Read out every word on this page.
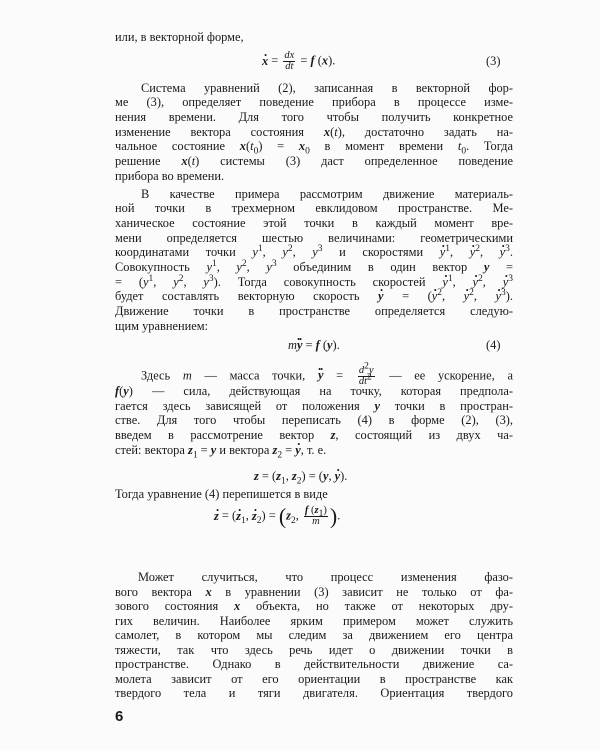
или, в векторной форме,
. $x = \frac{dx}{dt} = f$ (x).	(3)
Система уравнений (2), записанная в векторной фор-
ме (3), определяет поведение прибора в процессе изме-
нения времени. Для того чтобы получить конкретное
изменение вектора состояния x(t), достаточно задать на-
чальное состояние $x(t_0) = x_0$ в момент времени $t_0$. Тогда
решение x(t) системы (3) даст определенное поведение
прибора во времени.
В качестве примера рассмотрим движение материаль-
ной точки в трехмерном евклидовом пространстве. Ме-
ханическое состояние этой точки в каждый момент вре-
мени определяется шестью величинами: геометрическими
координатами точки $y^1$, $y^2$, $y^3$ и скоростями . $y^1$, . $y^2$, . $y^3$.
Совокупность $y^1$, $y^2$, $y^3$ объединим в один вектор y =
= ($y^1$, $y^2$, $y^3$). Тогда совокупность скоростей . $y^1$, . $y^2$, . $y^3$
будет составлять векторную скорость . y = (. $y^2$, . $y^2$, . $y^3$).
Движение точки в пространстве определяется следую-
щим уравнением:
m.. y = f (y).	(4)
Здесь m — масса точки, .. $y = \frac{d^2y}{dt^2}$ — ее ускорение, а
f(y) — сила, действующая на точку, которая предпола-
гается здесь зависящей от положения y точки в простран-
стве. Для того чтобы переписать (4) в форме (2), (3),
введем в рассмотрение вектор z, состоящий из двух ча-
стей: вектора $z_1 = y$ и вектора $z_2$ = . y, т. е.
$z = (z_1$, $z_2) = (y$, . y).
Тогда уравнение (4) перепишется в виде
. z = (. $z_1$, . $z_2) = (z_2$, $\frac{f (z_1)}{m}$ ).
6
Может случиться, что процесс изменения фазо-
вого вектора x в уравнении (3) зависит не только от фа-
зового состояния x объекта, но также от некоторых дру-
гих величин. Наиболее ярким примером может служить
самолет, в котором мы следим за движением его центра
тяжести, так что здесь речь идет о движении точки в
пространстве. Однако в действительности движение са-
молета зависит от его ориентации в пространстве как
твердого тела и тяги двигателя. Ориентация твердого
